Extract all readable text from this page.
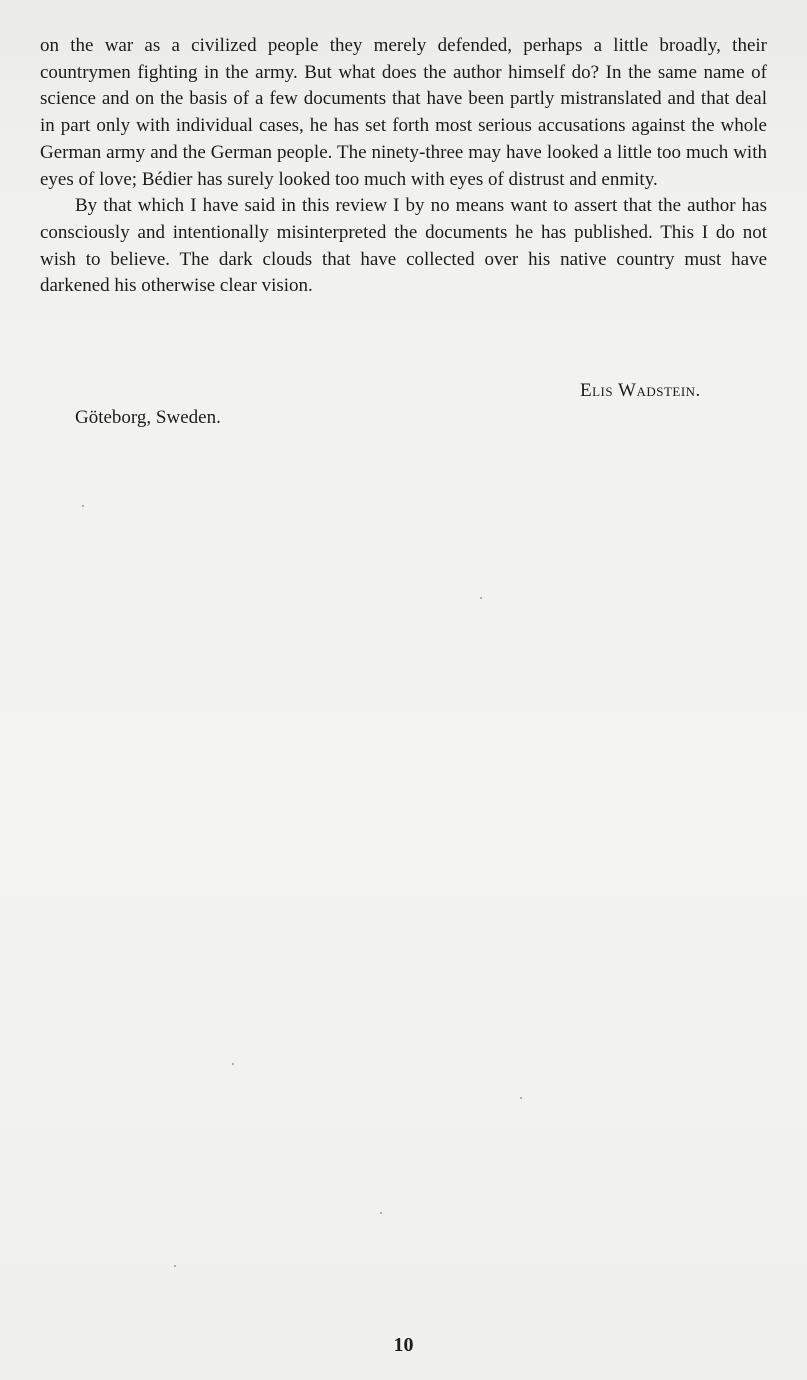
on the war as a civilized people they merely defended, perhaps a little broadly, their countrymen fighting in the army. But what does the author himself do? In the same name of science and on the basis of a few documents that have been partly mistranslated and that deal in part only with individual cases, he has set forth most serious accusations against the whole German army and the German people. The ninety-three may have looked a little too much with eyes of love; Bédier has surely looked too much with eyes of distrust and enmity.

By that which I have said in this review I by no means want to assert that the author has consciously and intentionally misinterpreted the documents he has published. This I do not wish to believe. The dark clouds that have collected over his native country must have darkened his otherwise clear vision.

Elis Wadstein.
Göteborg, Sweden.
10
